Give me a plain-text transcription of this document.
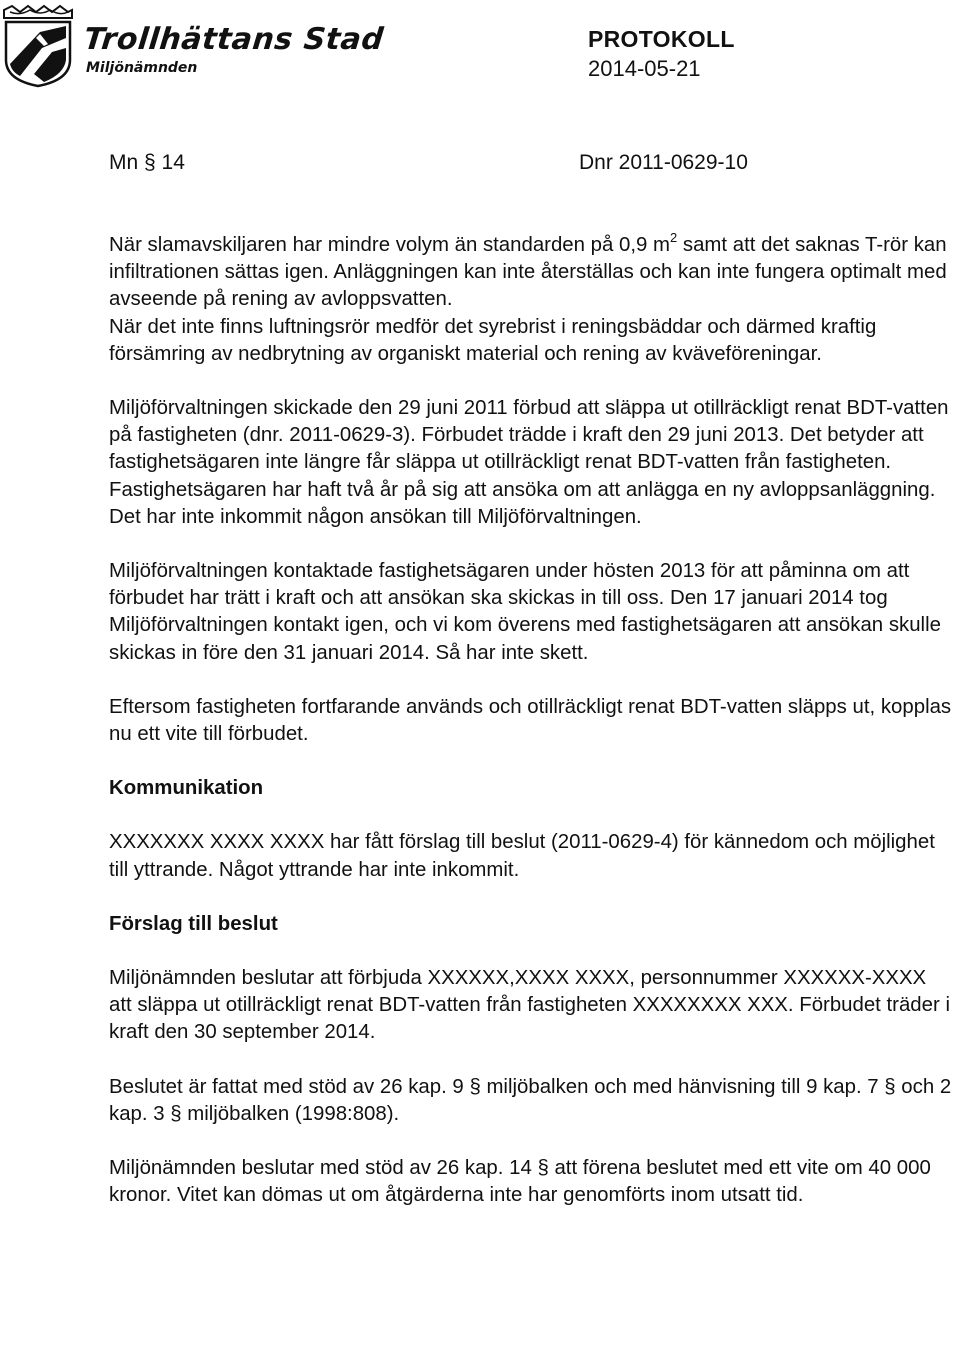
Trollhättans Stad
Miljönämnden
PROTOKOLL
2014-05-21
Mn § 14	Dnr 2011-0629-10

När slamavskiljaren har mindre volym än standarden på 0,9 $m^2$ samt att det saknas T-rör kan infiltrationen sättas igen. Anläggningen kan inte återställas och kan inte fungera optimalt med avseende på rening av avloppsvatten.

När det inte finns luftningsrör medför det syrebrist i reningsbäddar och därmed kraftig försämring av nedbrytning av organiskt material och rening av kväveföreningar.

Miljöförvaltningen skickade den 29 juni 2011 förbud att släppa ut otillräckligt renat BDT-vatten på fastigheten (dnr. 2011-0629-3). Förbudet trädde i kraft den 29 juni 2013. Det betyder att fastighetsägaren inte längre får släppa ut otillräckligt renat BDT-vatten från fastigheten. Fastighetsägaren har haft två år på sig att ansöka om att anlägga en ny avloppsanläggning. Det har inte inkommit någon ansökan till Miljöförvaltningen.

Miljöförvaltningen kontaktade fastighetsägaren under hösten 2013 för att påminna om att förbudet har trätt i kraft och att ansökan ska skickas in till oss. Den 17 januari 2014 tog Miljöförvaltningen kontakt igen, och vi kom överens med fastighetsägaren att ansökan skulle skickas in före den 31 januari 2014. Så har inte skett.

Eftersom fastigheten fortfarande används och otillräckligt renat BDT-vatten släpps ut, kopplas nu ett vite till förbudet.

Kommunikation

XXXXXXX XXXX XXXX har fått förslag till beslut (2011-0629-4) för kännedom och möjlighet till yttrande. Något yttrande har inte inkommit.

Förslag till beslut

Miljönämnden beslutar att förbjuda XXXXXX,XXXX XXXX, personnummer XXXXXX-XXXX att släppa ut otillräckligt renat BDT-vatten från fastigheten XXXXXXXX XXX. Förbudet träder i kraft den 30 september 2014.

Beslutet är fattat med stöd av 26 kap. 9 § miljöbalken och med hänvisning till 9 kap. 7 § och 2 kap. 3 § miljöbalken (1998:808).

Miljönämnden beslutar med stöd av 26 kap. 14 § att förena beslutet med ett vite om 40 000 kronor. Vitet kan dömas ut om åtgärderna inte har genomförts inom utsatt tid.
